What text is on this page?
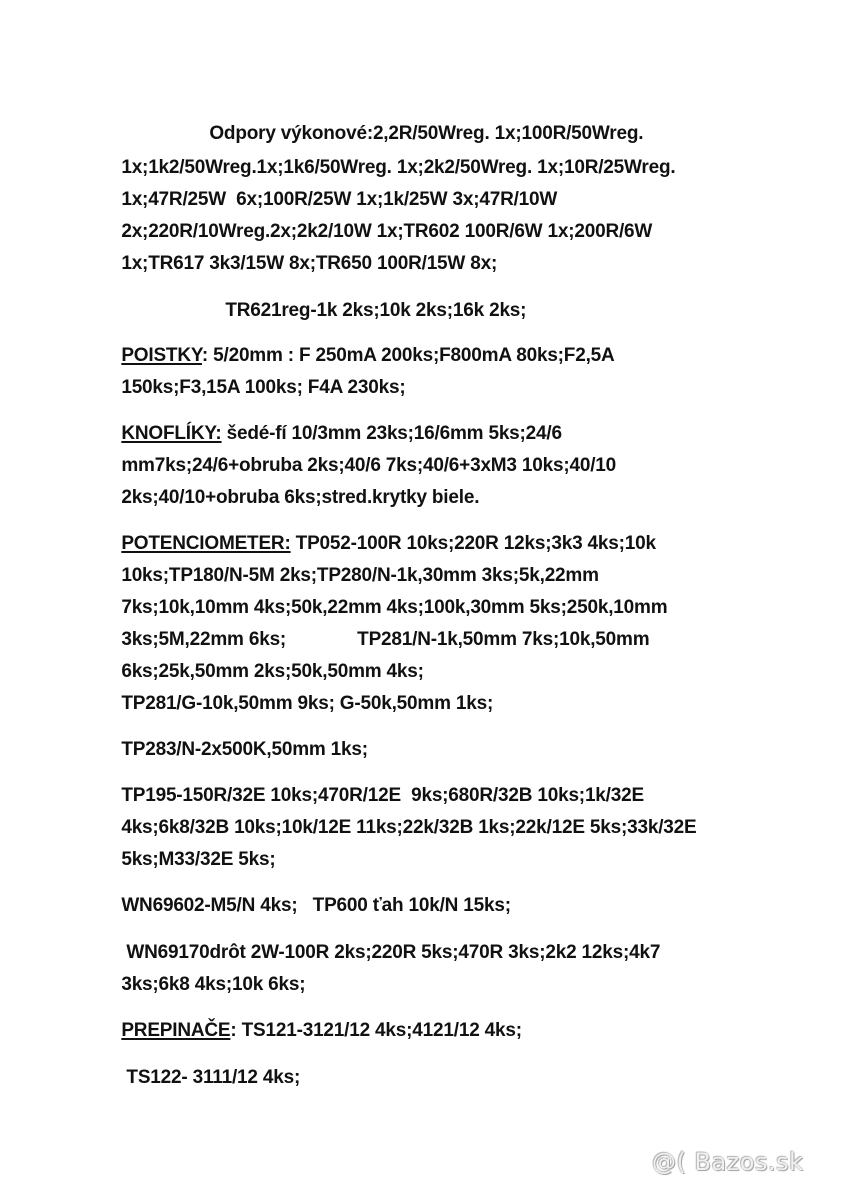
Odpory výkonové:2,2R/50Wreg. 1x;100R/50Wreg.

1x;1k2/50Wreg.1x;1k6/50Wreg. 1x;2k2/50Wreg. 1x;10R/25Wreg.

1x;47R/25W  6x;100R/25W 1x;1k/25W 3x;47R/10W

2x;220R/10Wreg.2x;2k2/10W 1x;TR602 100R/6W 1x;200R/6W

1x;TR617 3k3/15W 8x;TR650 100R/15W 8x;

TR621reg-1k 2ks;10k 2ks;16k 2ks;

POISTKY: 5/20mm : F 250mA 200ks;F800mA 80ks;F2,5A

150ks;F3,15A 100ks; F4A 230ks;

KNOFLÍKY: šedé-fí 10/3mm 23ks;16/6mm 5ks;24/6

mm7ks;24/6+obruba 2ks;40/6 7ks;40/6+3xM3 10ks;40/10

2ks;40/10+obruba 6ks;stred.krytky biele.

POTENCIOMETER: TP052-100R 10ks;220R 12ks;3k3 4ks;10k

10ks;TP180/N-5M 2ks;TP280/N-1k,30mm 3ks;5k,22mm

7ks;10k,10mm 4ks;50k,22mm 4ks;100k,30mm 5ks;250k,10mm

3ks;5M,22mm 6ks;              TP281/N-1k,50mm 7ks;10k,50mm

6ks;25k,50mm 2ks;50k,50mm 4ks;

TP281/G-10k,50mm 9ks; G-50k,50mm 1ks;

TP283/N-2x500K,50mm 1ks;

TP195-150R/32E 10ks;470R/12E  9ks;680R/32B 10ks;1k/32E

4ks;6k8/32B 10ks;10k/12E 11ks;22k/32B 1ks;22k/12E 5ks;33k/32E

5ks;M33/32E 5ks;

WN69602-M5/N 4ks;   TP600 ťah 10k/N 15ks;

WN69170drôt 2W-100R 2ks;220R 5ks;470R 3ks;2k2 12ks;4k7

3ks;6k8 4ks;10k 6ks;

PREPINAČE: TS121-3121/12 4ks;4121/12 4ks;

TS122- 3111/12 4ks;

@( Bazos.sk
